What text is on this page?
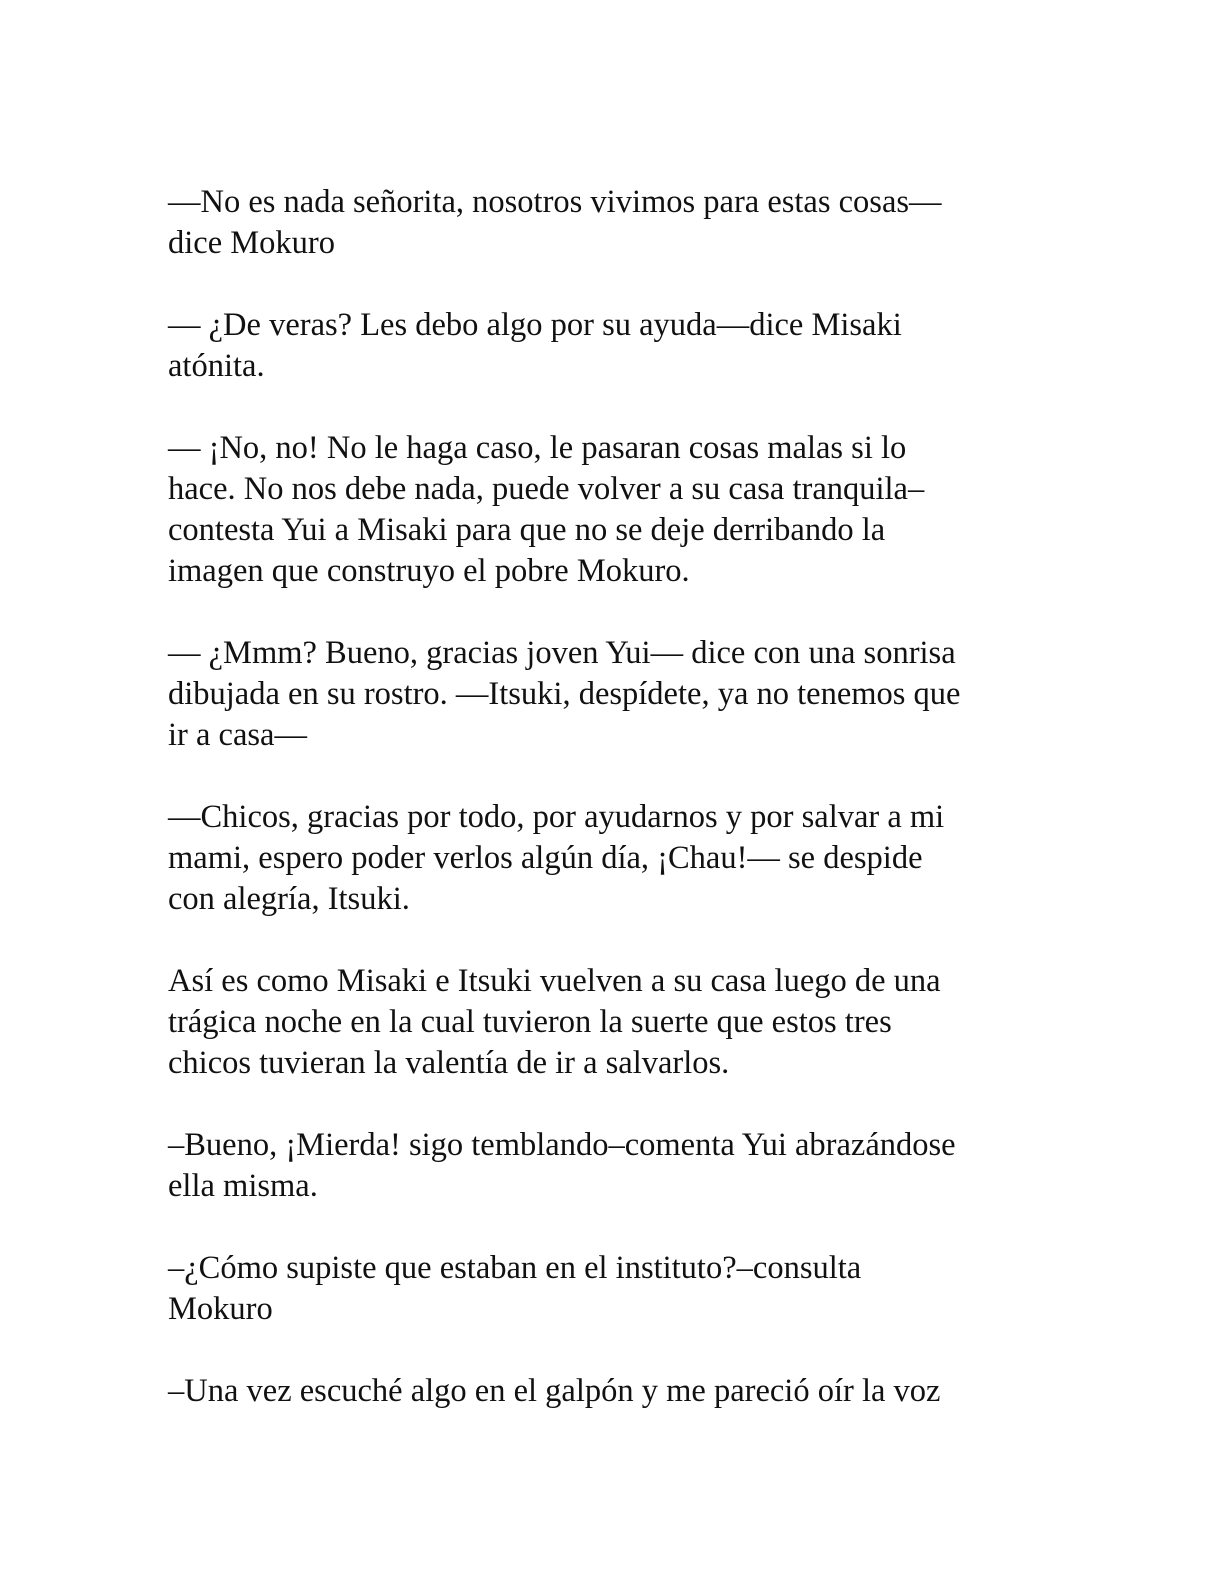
—No es nada señorita, nosotros vivimos para estas cosas—
dice Mokuro

— ¿De veras? Les debo algo por su ayuda—dice Misaki
atónita.

— ¡No, no! No le haga caso, le pasaran cosas malas si lo
hace. No nos debe nada, puede volver a su casa tranquila–
contesta Yui a Misaki para que no se deje derribando la
imagen que construyo el pobre Mokuro.

— ¿Mmm? Bueno, gracias joven Yui— dice con una sonrisa
dibujada en su rostro. —Itsuki, despídete, ya no tenemos que
ir a casa—

—Chicos, gracias por todo, por ayudarnos y por salvar a mi
mami, espero poder verlos algún día, ¡Chau!— se despide
con alegría, Itsuki.

Así es como Misaki e Itsuki vuelven a su casa luego de una
trágica noche en la cual tuvieron la suerte que estos tres
chicos tuvieran la valentía de ir a salvarlos.

–Bueno, ¡Mierda! sigo temblando–comenta Yui abrazándose
ella misma.

–¿Cómo supiste que estaban en el instituto?–consulta
Mokuro

–Una vez escuché algo en el galpón y me pareció oír la voz
